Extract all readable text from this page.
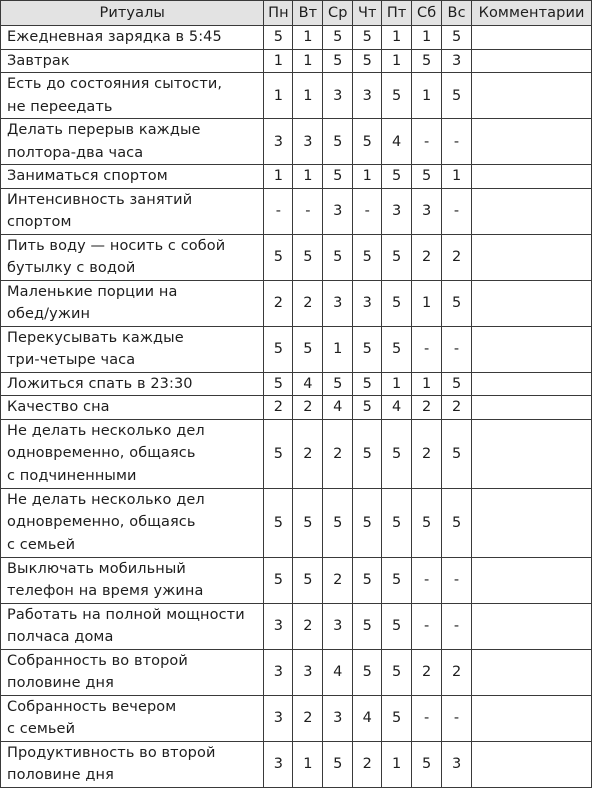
Ритуалы	Пн	Вт	Ср	Чт	Пт	Сб	Вс	Комментарии

Ежедневная зарядка в 5:45	5	1	5	5	1	1	5	

Завтрак	1	1	5	5	1	5	3	

Есть до состояния сытости,
не переедать	1	1	3	3	5	1	5	

Делать перерыв каждые
полтора-два часа	3	3	5	5	4	-	-	

Заниматься спортом	1	1	5	1	5	5	1	

Интенсивность занятий
спортом	-	-	3	-	3	3	-	

Пить воду — носить с собой
бутылку с водой	5	5	5	5	5	2	2	

Маленькие порции на
обед/ужин	2	2	3	3	5	1	5	

Перекусывать каждые
три-четыре часа	5	5	1	5	5	-	-	

Ложиться спать в 23:30	5	4	5	5	1	1	5	

Качество сна	2	2	4	5	4	2	2	

Не делать несколько дел
одновременно, общаясь
с подчиненными	5	2	2	5	5	2	5	

Не делать несколько дел
одновременно, общаясь
с семьей	5	5	5	5	5	5	5	

Выключать мобильный
телефон на время ужина	5	5	2	5	5	-	-	

Работать на полной мощности
полчаса дома	3	2	3	5	5	-	-	

Собранность во второй
половине дня	3	3	4	5	5	2	2	

Собранность вечером
с семьей	3	2	3	4	5	-	-	

Продуктивность во второй
половине дня	3	1	5	2	1	5	3	
